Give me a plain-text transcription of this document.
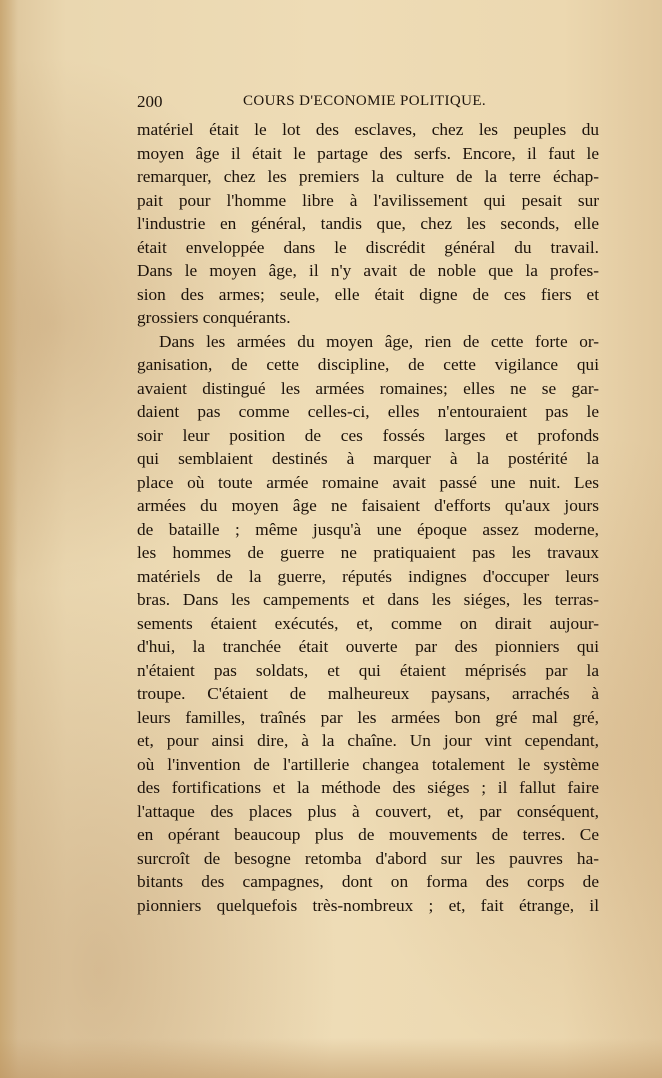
200	COURS D'ECONOMIE POLITIQUE.
matériel était le lot des esclaves, chez les peuples du
moyen âge il était le partage des serfs. Encore, il faut le
remarquer, chez les premiers la culture de la terre échap-
pait pour l'homme libre à l'avilissement qui pesait sur
l'industrie en général, tandis que, chez les seconds, elle
était enveloppée dans le discrédit général du travail.
Dans le moyen âge, il n'y avait de noble que la profes-
sion des armes; seule, elle était digne de ces fiers et
grossiers conquérants.
Dans les armées du moyen âge, rien de cette forte or-
ganisation, de cette discipline, de cette vigilance qui
avaient distingué les armées romaines; elles ne se gar-
daient pas comme celles-ci, elles n'entouraient pas le
soir leur position de ces fossés larges et profonds
qui semblaient destinés à marquer à la postérité la
place où toute armée romaine avait passé une nuit. Les
armées du moyen âge ne faisaient d'efforts qu'aux jours
de bataille ; même jusqu'à une époque assez moderne,
les hommes de guerre ne pratiquaient pas les travaux
matériels de la guerre, réputés indignes d'occuper leurs
bras. Dans les campements et dans les siéges, les terras-
sements étaient exécutés, et, comme on dirait aujour-
d'hui, la tranchée était ouverte par des pionniers qui
n'étaient pas soldats, et qui étaient méprisés par la
troupe. C'étaient de malheureux paysans, arrachés à
leurs familles, traînés par les armées bon gré mal gré,
et, pour ainsi dire, à la chaîne. Un jour vint cependant,
où l'invention de l'artillerie changea totalement le système
des fortifications et la méthode des siéges ; il fallut faire
l'attaque des places plus à couvert, et, par conséquent,
en opérant beaucoup plus de mouvements de terres. Ce
surcroît de besogne retomba d'abord sur les pauvres ha-
bitants des campagnes, dont on forma des corps de
pionniers quelquefois très-nombreux ; et, fait étrange, il
